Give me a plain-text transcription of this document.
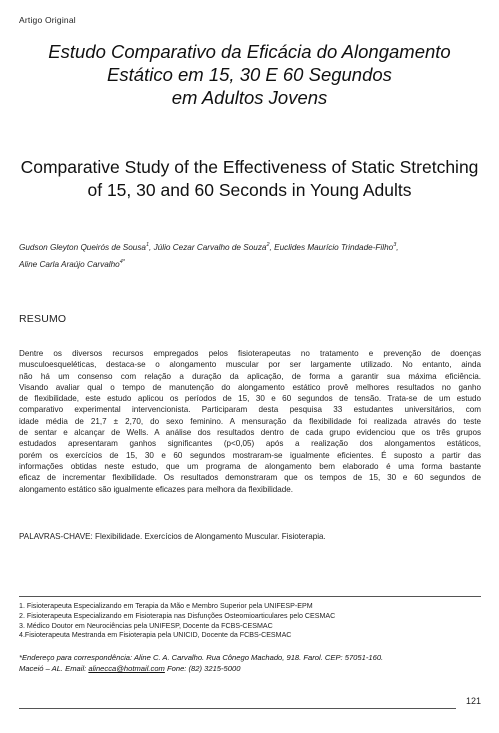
Artigo Original
Estudo Comparativo da Eficácia do Alongamento
Estático em 15, 30 E 60 Segundos
em Adultos Jovens
Comparative Study of the Effectiveness of Static Stretching
of 15, 30 and 60 Seconds in Young Adults
Gudson Gleyton Queirós de Sousa$^1$, Júlio Cezar Carvalho de Souza$^2$, Euclides Maurício Trindade-Filho$^3$,
Aline Carla Araújo Carvalho$^{4*}$
RESUMO
Dentre os diversos recursos empregados pelos fisioterapeutas no tratamento e prevenção de doenças
musculoesqueléticas, destaca-se o alongamento muscular por ser largamente utilizado. No entanto, ainda
não há um consenso com relação a duração da aplicação, de forma a garantir sua máxima eficiência.
Visando avaliar qual o tempo de manutenção do alongamento estático provê melhores resultados no ganho
de flexibilidade, este estudo aplicou os períodos de 15, 30 e 60 segundos de tensão. Trata-se de um estudo
comparativo experimental intervencionista. Participaram desta pesquisa 33 estudantes universitários, com
idade média de 21,7 ± 2,70, do sexo feminino. A mensuração da flexibilidade foi realizada através do teste
de sentar e alcançar de Wells. A análise dos resultados dentro de cada grupo evidenciou que os três grupos
estudados apresentaram ganhos significantes (p<0,05) após a realização dos alongamentos estáticos,
porém os exercícios de 15, 30 e 60 segundos mostraram-se igualmente eficientes. É suposto a partir das
informações obtidas neste estudo, que um programa de alongamento bem elaborado é uma forma bastante
eficaz de incrementar flexibilidade. Os resultados demonstraram que os tempos de 15, 30 e 60 segundos de
alongamento estático são igualmente eficazes para melhora da flexibilidade.
PALAVRAS-CHAVE: Flexibilidade. Exercícios de Alongamento Muscular. Fisioterapia.
1. Fisioterapeuta Especializando em Terapia da Mão e Membro Superior pela UNIFESP-EPM
2. Fisioterapeuta Especializando em Fisioterapia nas Disfunções Osteomioarticulares pelo CESMAC
3. Médico Doutor em Neurociências pela UNIFESP, Docente da FCBS-CESMAC
4.Fisioterapeuta Mestranda em Fisioterapia pela UNICID, Docente da FCBS-CESMAC
*Endereço para correspondência: Aline C. A. Carvalho. Rua Cônego Machado, 918. Farol. CEP: 57051-160.
Maceió – AL. Email: alinecca@hotmail.com Fone: (82) 3215-5000
121
